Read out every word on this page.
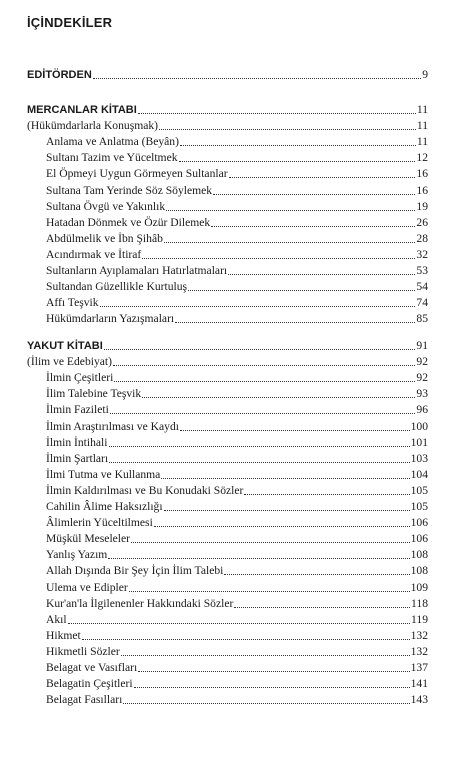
İÇİNDEKİLER
EDİTÖRDEN	9
MERCANLAR KİTABI	11
(Hükümdarlarla Konuşmak)	11
Anlama ve Anlatma (Beyân)	11
Sultanı Tazim ve Yüceltmek	12
El Öpmeyi Uygun Görmeyen Sultanlar	16
Sultana Tam Yerinde Söz Söylemek	16
Sultana Övgü ve Yakınlık	19
Hatadan Dönmek ve Özür Dilemek	26
Abdülmelik ve İbn Şihâb	28
Acındırmak ve İtiraf	32
Sultanların Ayıplamaları Hatırlatmaları	53
Sultandan Güzellikle Kurtuluş	54
Affı Teşvik	74
Hükümdarların Yazışmaları	85
YAKUT KİTABI	91
(İlim ve Edebiyat)	92
İlmin Çeşitleri	92
İlim Talebine Teşvik	93
İlmin Fazileti	96
İlmin Araştırılması ve Kaydı	100
İlmin İntihali	101
İlmin Şartları	103
İlmi Tutma ve Kullanma	104
İlmin Kaldırılması ve Bu Konudaki Sözler	105
Cahilin Âlime Haksızlığı	105
Âlimlerin Yüceltilmesi	106
Müşkül Meseleler	106
Yanlış Yazım	108
Allah Dışında Bir Şey İçin İlim Talebi	108
Ulema ve Edipler	109
Kur'an'la İlgilenenler Hakkındaki Sözler	118
Akıl	119
Hikmet	132
Hikmetli Sözler	132
Belagat ve Vasıfları	137
Belagatin Çeşitleri	141
Belagat Fasılları	143
